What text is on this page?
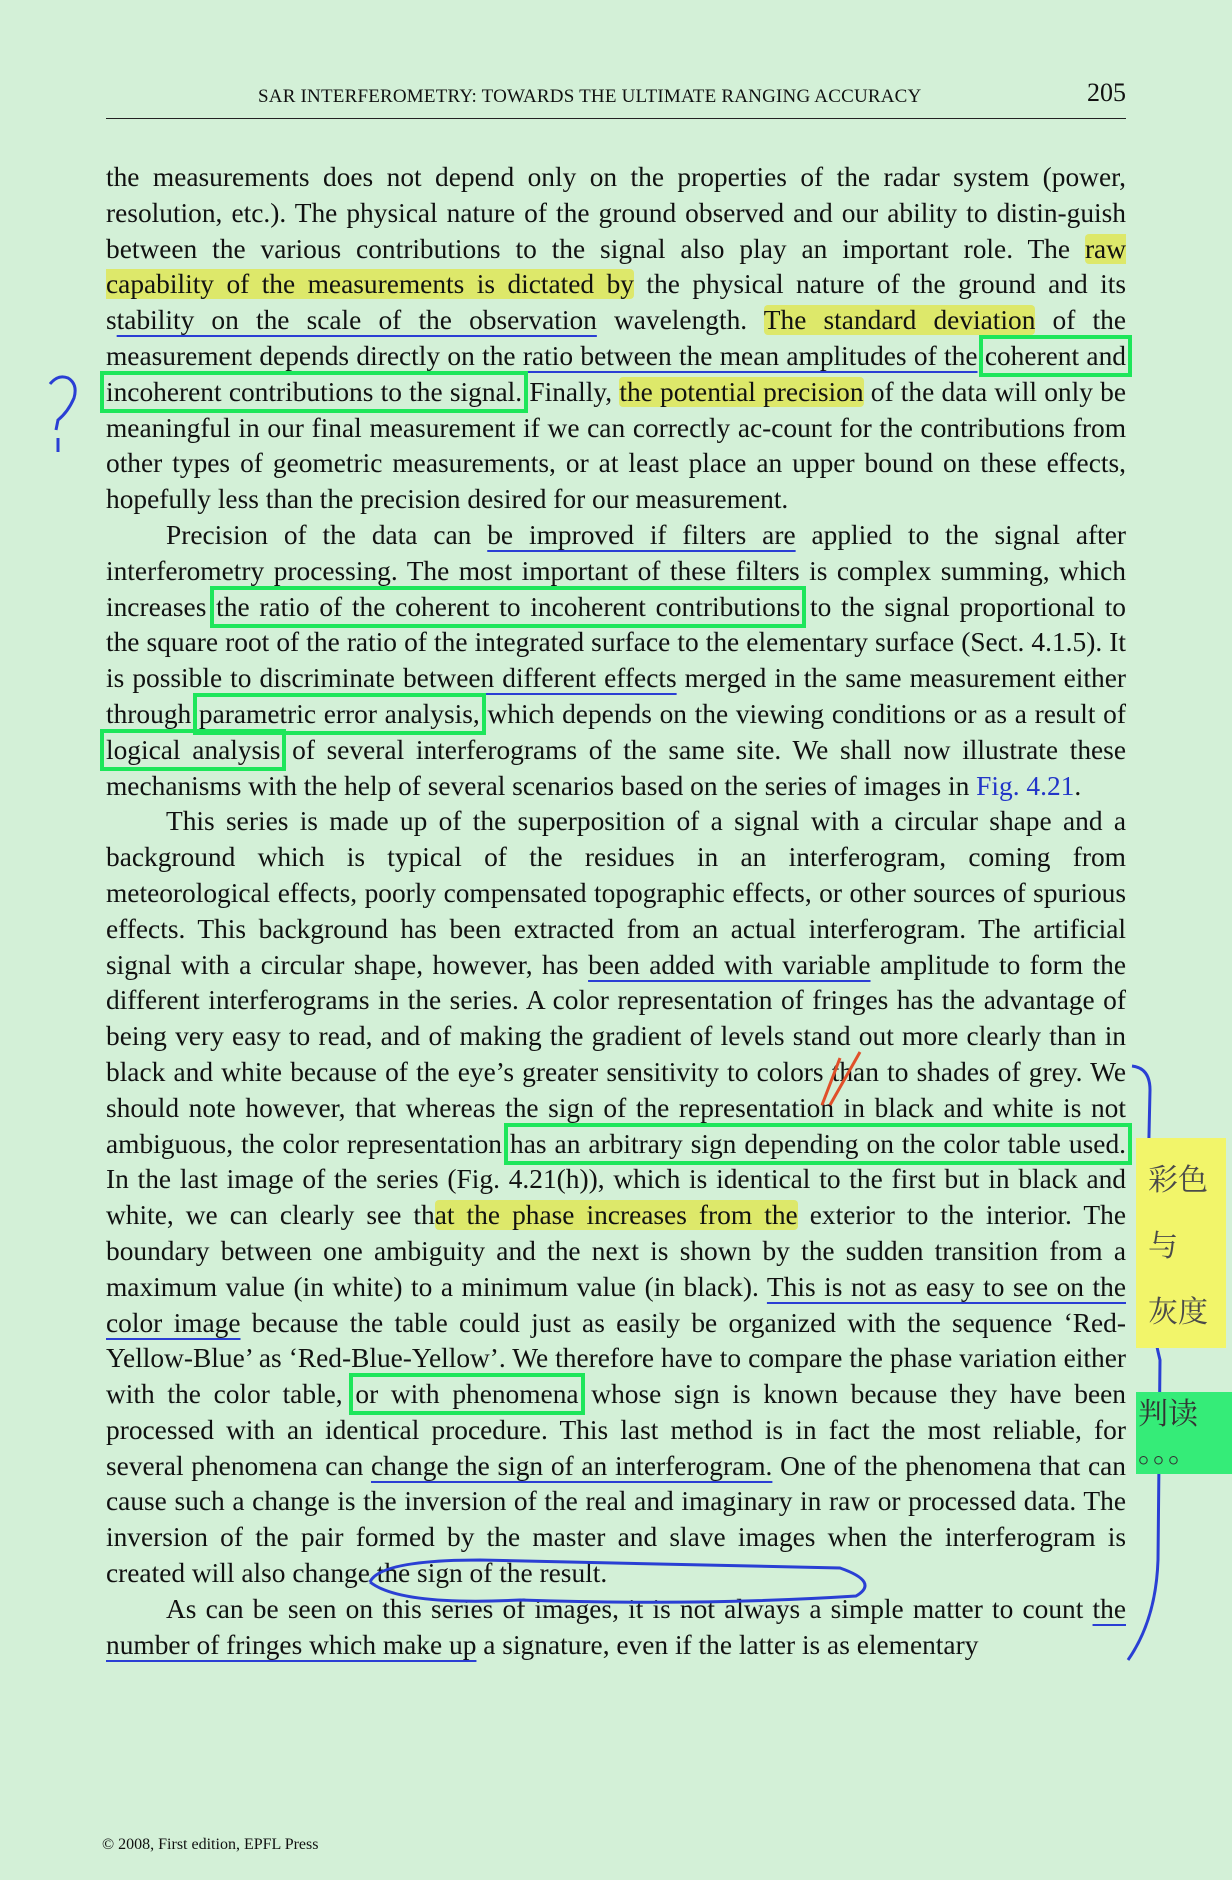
SAR INTERFEROMETRY: TOWARDS THE ULTIMATE RANGING ACCURACY	205

the measurements does not depend only on the properties of the radar system (power, resolution, etc.). The physical nature of the ground observed and our ability to distin-guish between the various contributions to the signal also play an important role. The raw capability of the measurements is dictated by the physical nature of the ground and its stability on the scale of the observation wavelength. The standard deviation of the measurement depends directly on the ratio between the mean amplitudes of the coherent and incoherent contributions to the signal. Finally, the potential precision of the data will only be meaningful in our final measurement if we can correctly ac-count for the contributions from other types of geometric measurements, or at least place an upper bound on these effects, hopefully less than the precision desired for our measurement.

Precision of the data can be improved if filters are applied to the signal after interferometry processing. The most important of these filters is complex summing, which increases the ratio of the coherent to incoherent contributions to the signal proportional to the square root of the ratio of the integrated surface to the elementary surface (Sect. 4.1.5). It is possible to discriminate between different effects merged in the same measurement either through parametric error analysis, which depends on the viewing conditions or as a result of logical analysis of several interferograms of the same site. We shall now illustrate these mechanisms with the help of several scenarios based on the series of images in Fig. 4.21.

This series is made up of the superposition of a signal with a circular shape and a background which is typical of the residues in an interferogram, coming from meteorological effects, poorly compensated topographic effects, or other sources of spurious effects. This background has been extracted from an actual interferogram. The artificial signal with a circular shape, however, has been added with variable amplitude to form the different interferograms in the series. A color representation of fringes has the advantage of being very easy to read, and of making the gradient of levels stand out more clearly than in black and white because of the eye’s greater sensitivity to colors than to shades of grey. We should note however, that whereas the sign of the representation in black and white is not ambiguous, the color representation has an arbitrary sign depending on the color table used. In the last image of the series (Fig. 4.21(h)), which is identical to the first but in black and white, we can clearly see that the phase increases from the exterior to the interior. The boundary between one ambiguity and the next is shown by the sudden transition from a maximum value (in white) to a minimum value (in black). This is not as easy to see on the color image because the table could just as easily be organized with the sequence ‘Red-Yellow-Blue’ as ‘Red-Blue-Yellow’. We therefore have to compare the phase variation either with the color table, or with phenomena whose sign is known because they have been processed with an identical procedure. This last method is in fact the most reliable, for several phenomena can change the sign of an interferogram. One of the phenomena that can cause such a change is the inversion of the real and imaginary in raw or processed data. The inversion of the pair formed by the master and slave images when the interferogram is created will also change the sign of the result.

As can be seen on this series of images, it is not always a simple matter to count the number of fringes which make up a signature, even if the latter is as elementary

彩色
与
灰度
判读
。。。
© 2008, First edition, EPFL Press
